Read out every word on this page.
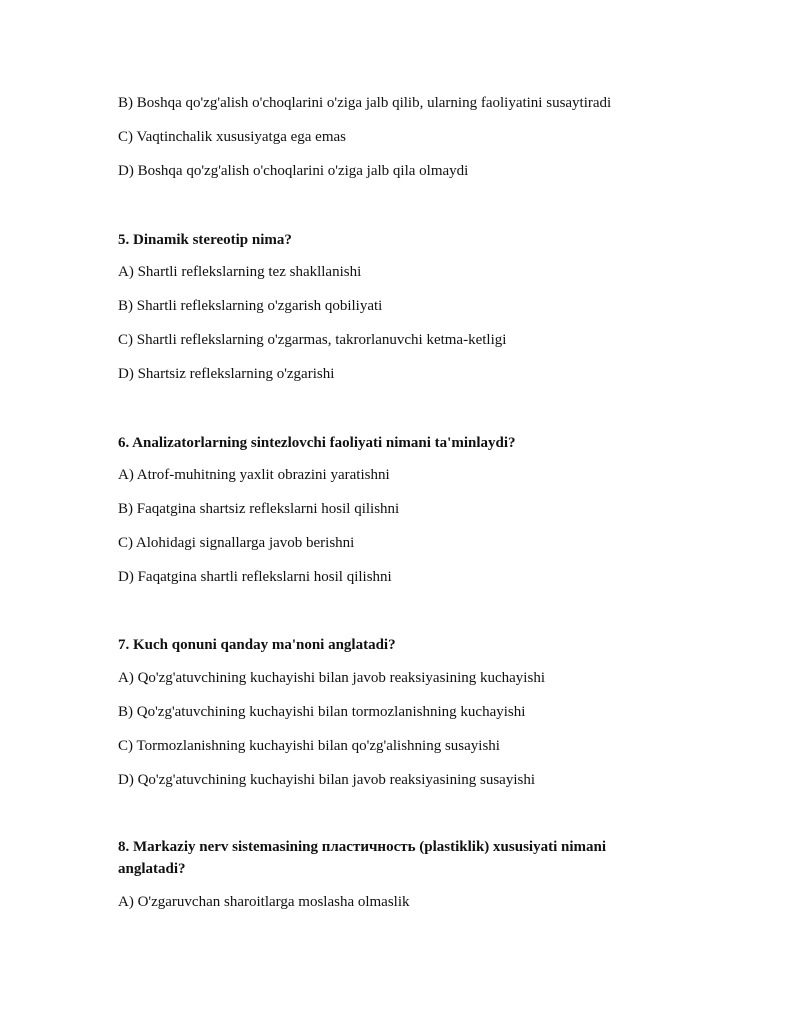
B) Boshqa qo'zg'alish o'choqlarini o'ziga jalb qilib, ularning faoliyatini susaytiradi
C) Vaqtinchalik xususiyatga ega emas
D) Boshqa qo'zg'alish o'choqlarini o'ziga jalb qila olmaydi
5. Dinamik stereotip nima?
A) Shartli reflekslarning tez shakllanishi
B) Shartli reflekslarning o'zgarish qobiliyati
C) Shartli reflekslarning o'zgarmas, takrorlanuvchi ketma-ketligi
D) Shartsiz reflekslarning o'zgarishi
6. Analizatorlarning sintezlovchi faoliyati nimani ta'minlaydi?
A) Atrof-muhitning yaxlit obrazini yaratishni
B) Faqatgina shartsiz reflekslarni hosil qilishni
C) Alohidagi signallarga javob berishni
D) Faqatgina shartli reflekslarni hosil qilishni
7. Kuch qonuni qanday ma'noni anglatadi?
A) Qo'zg'atuvchining kuchayishi bilan javob reaksiyasining kuchayishi
B) Qo'zg'atuvchining kuchayishi bilan tormozlanishning kuchayishi
C) Tormozlanishning kuchayishi bilan qo'zg'alishning susayishi
D) Qo'zg'atuvchining kuchayishi bilan javob reaksiyasining susayishi
8. Markaziy nerv sistemasining пластичность (plastiklik) xususiyati nimani anglatadi?
A) O'zgaruvchan sharoitlarga moslasha olmaslik
